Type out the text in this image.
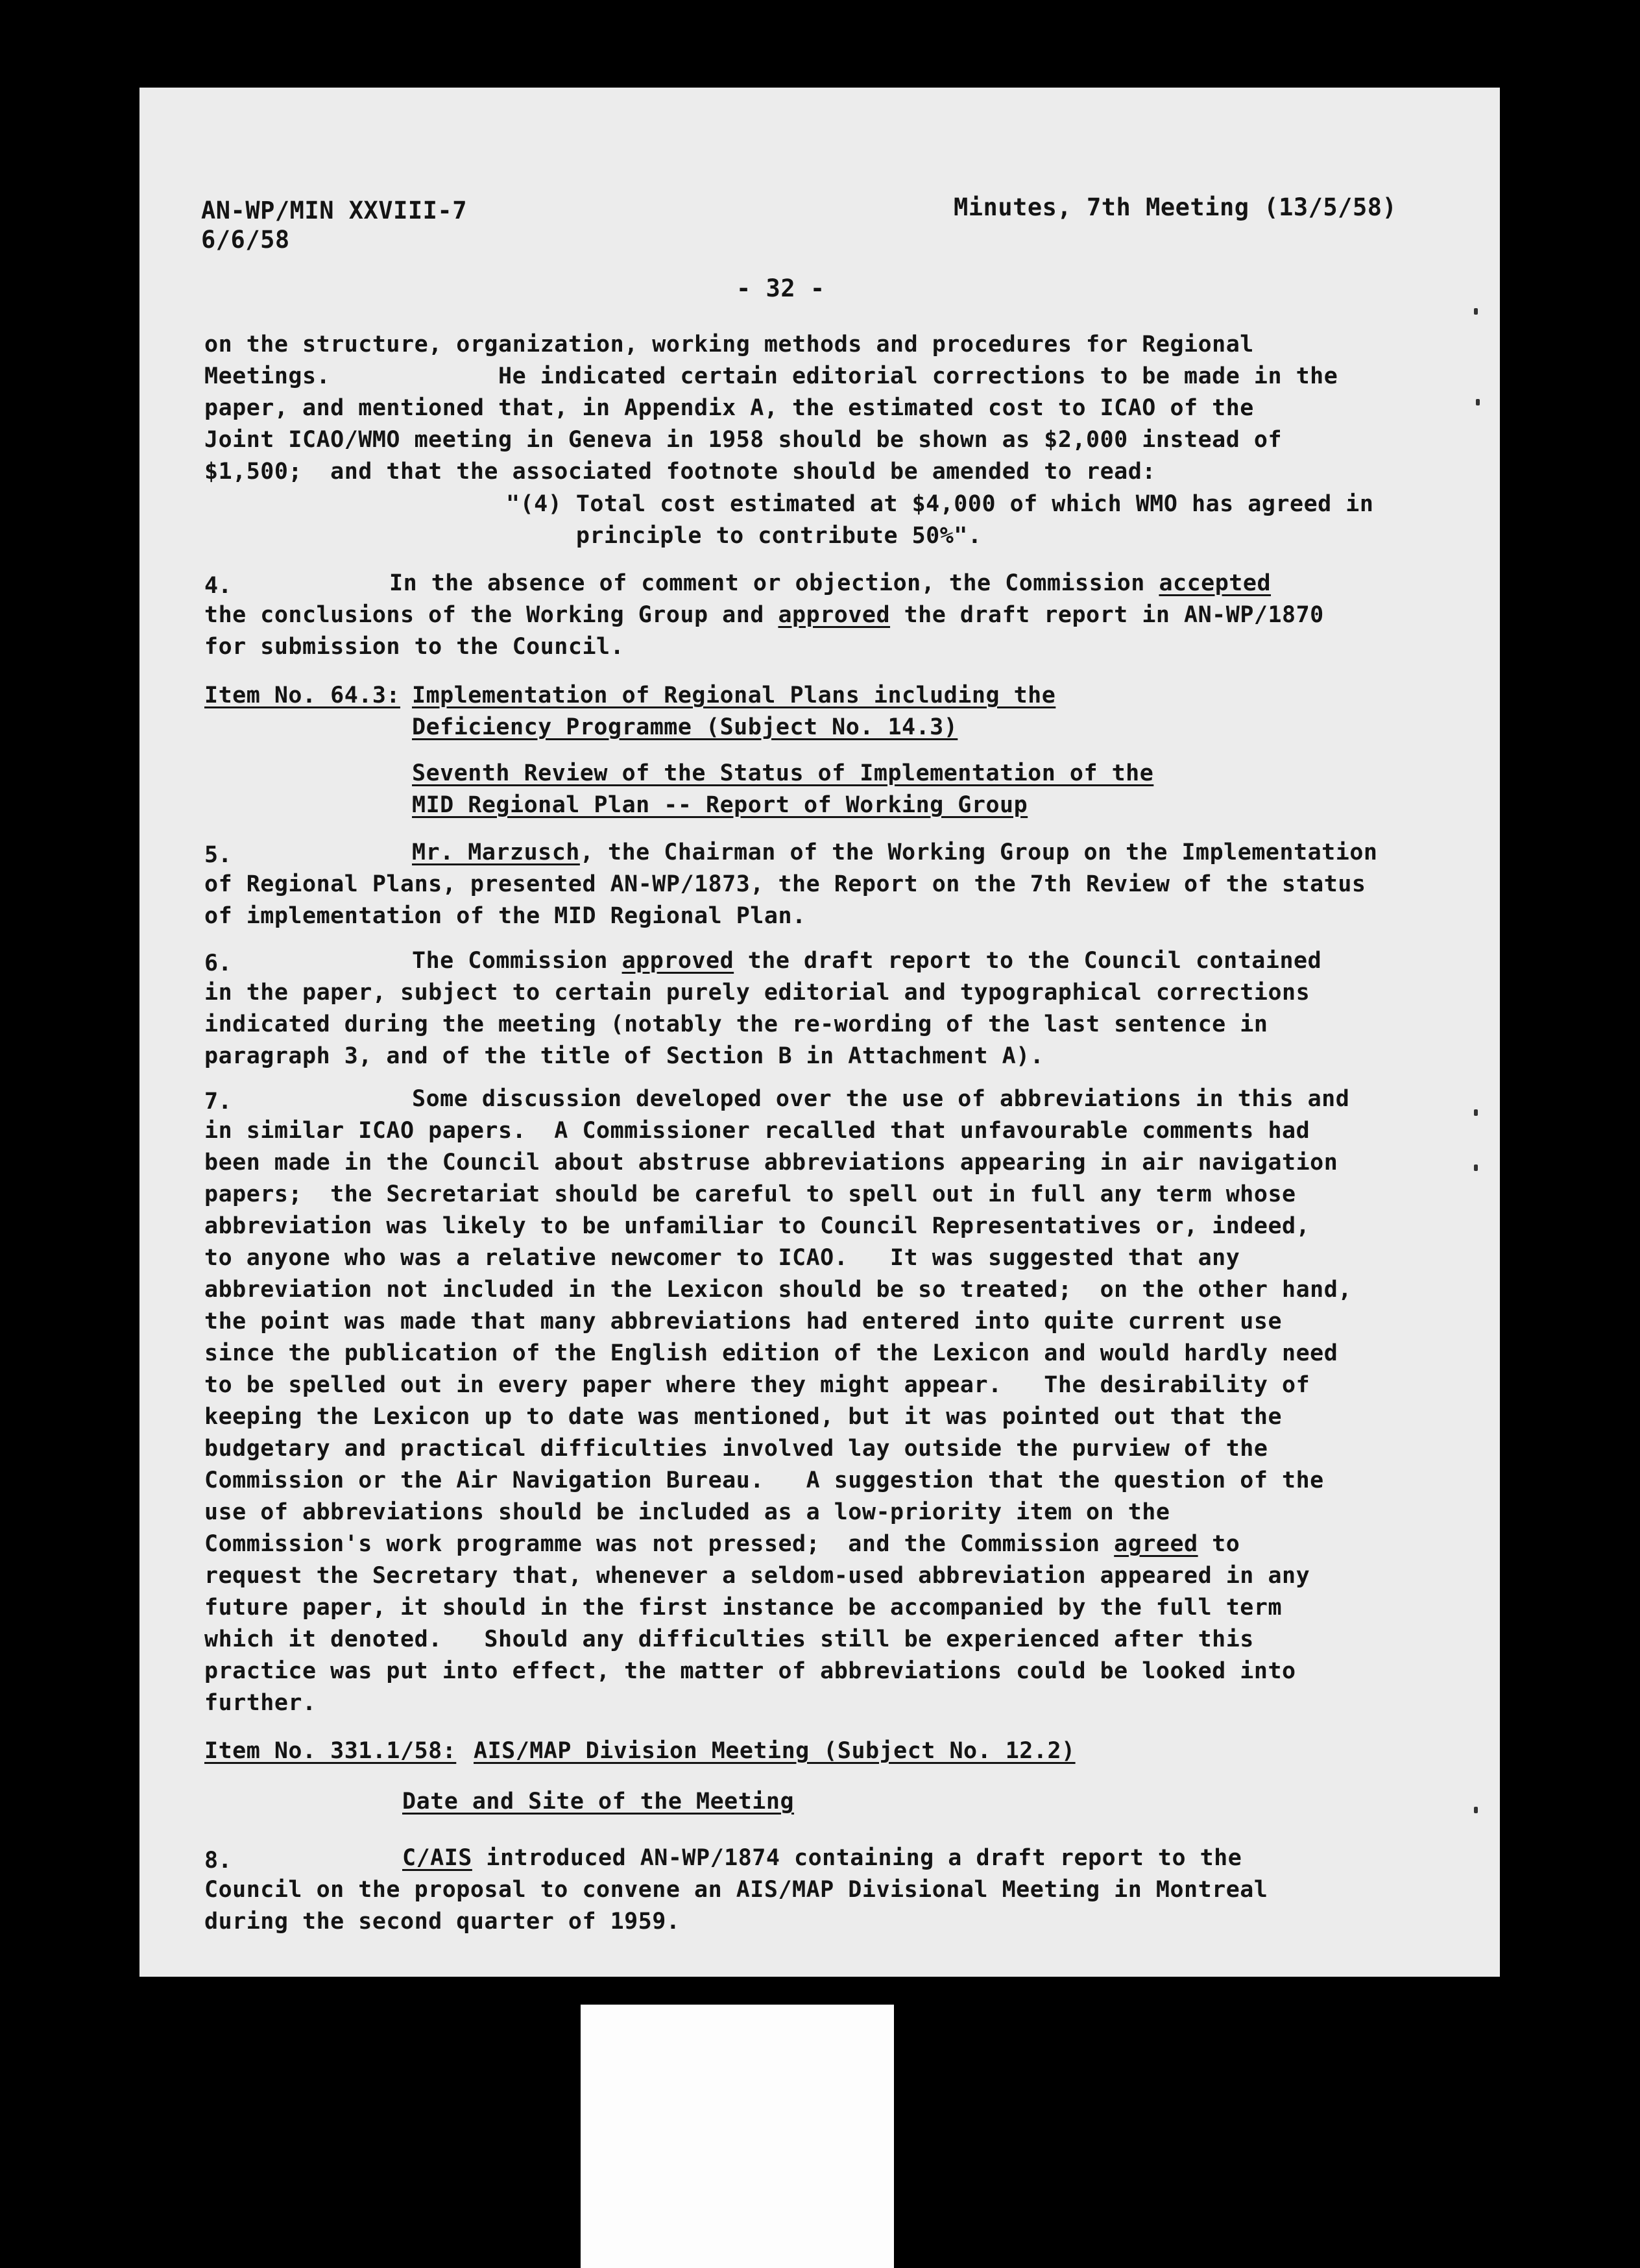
AN-WP/MIN XXVIII-7
6/6/58
Minutes, 7th Meeting (13/5/58)
- 32 -
on the structure, organization, working methods and procedures for Regional
Meetings.            He indicated certain editorial corrections to be made in the
paper, and mentioned that, in Appendix A, the estimated cost to ICAO of the
Joint ICAO/WMO meeting in Geneva in 1958 should be shown as $2,000 instead of
$1,500;  and that the associated footnote should be amended to read:
"(4) Total cost estimated at $4,000 of which WMO has agreed in
principle to contribute 50%".
4.	In the absence of comment or objection, the Commission accepted
the conclusions of the Working Group and approved the draft report in AN-WP/1870
for submission to the Council.
Item No. 64.3: Implementation of Regional Plans including the
Deficiency Programme (Subject No. 14.3)
Seventh Review of the Status of Implementation of the
MID Regional Plan -- Report of Working Group
5.	Mr. Marzusch, the Chairman of the Working Group on the Implementation
of Regional Plans, presented AN-WP/1873, the Report on the 7th Review of the status
of implementation of the MID Regional Plan.
6.	The Commission approved the draft report to the Council contained
in the paper, subject to certain purely editorial and typographical corrections
indicated during the meeting (notably the re-wording of the last sentence in
paragraph 3, and of the title of Section B in Attachment A).
7.	Some discussion developed over the use of abbreviations in this and
in similar ICAO papers.  A Commissioner recalled that unfavourable comments had
been made in the Council about abstruse abbreviations appearing in air navigation
papers;  the Secretariat should be careful to spell out in full any term whose
abbreviation was likely to be unfamiliar to Council Representatives or, indeed,
to anyone who was a relative newcomer to ICAO.   It was suggested that any
abbreviation not included in the Lexicon should be so treated;  on the other hand,
the point was made that many abbreviations had entered into quite current use
since the publication of the English edition of the Lexicon and would hardly need
to be spelled out in every paper where they might appear.   The desirability of
keeping the Lexicon up to date was mentioned, but it was pointed out that the
budgetary and practical difficulties involved lay outside the purview of the
Commission or the Air Navigation Bureau.   A suggestion that the question of the
use of abbreviations should be included as a low-priority item on the
Commission's work programme was not pressed;  and the Commission agreed to
request the Secretary that, whenever a seldom-used abbreviation appeared in any
future paper, it should in the first instance be accompanied by the full term
which it denoted.   Should any difficulties still be experienced after this
practice was put into effect, the matter of abbreviations could be looked into
further.
Item No. 331.1/58: AIS/MAP Division Meeting (Subject No. 12.2)
Date and Site of the Meeting
8.	C/AIS introduced AN-WP/1874 containing a draft report to the
Council on the proposal to convene an AIS/MAP Divisional Meeting in Montreal
during the second quarter of 1959.
